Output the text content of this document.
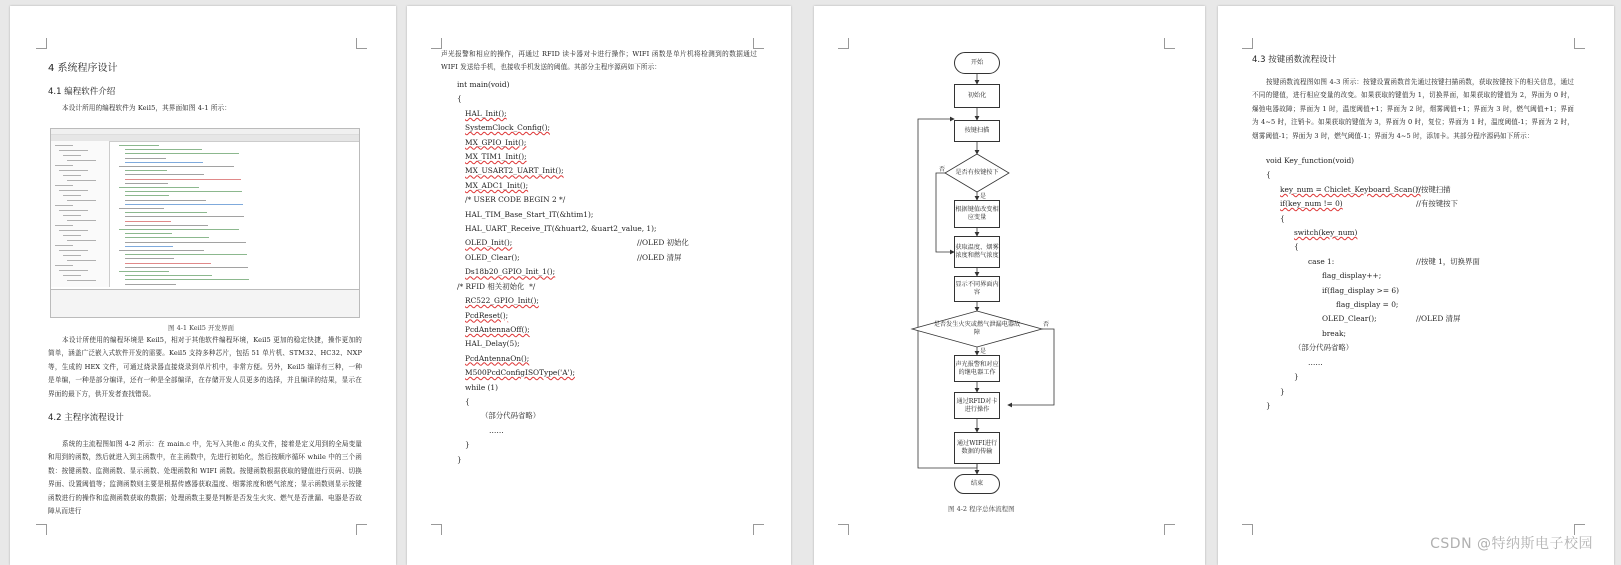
4 系统程序设计
4.1 编程软件介绍
本设计所用的编程软件为 Keil5，其界面如图 4-1 所示：
图 4-1 Keil5 开发界面
本设计所使用的编程环境是 Keil5，相对于其他软件编程环境，Keil5 更加的稳定快捷，操作更加的简单，涵盖广泛嵌入式软件开发的需要。Keil5 支持多种芯片，包括 51 单片机、STM32、HC32、NXP 等，生成的 HEX 文件，可通过烧录器直接烧录到单片机中，非常方便。另外，Keil5 编译有三种，一种是单编，一种是部分编译，还有一种是全部编译，在存储开发人员更多的选择，并且编译的结果，显示在界面的最下方，供开发者查找错误。
4.2 主程序流程设计
系统的主流程图如图 4-2 所示：在 main.c 中，先写入其他.c 的头文件，接着是定义用到的全局变量和用到的函数，然后就进入到主函数中，在主函数中，先进行初始化，然后按顺序循环 while 中的三个函数：按键函数、监测函数、显示函数、处理函数和 WIFI 函数。按键函数根据获取的键值进行页码、切换界面、设置阈值等；监测函数则主要是根据传感器获取温度、烟雾浓度和燃气浓度；显示函数则显示按键函数进行的操作和监测函数获取的数据；处理函数主要是判断是否发生火灾、燃气是否泄漏、电器是否故障从而进行
声光报警和相应的操作，再通过 RFID 读卡器对卡进行操作；WIFI 函数是单片机将检测到的数据通过 WIFI 发送给手机，也接收手机发送的阈值。其部分主程序源码如下所示：
int main(void)
{
HAL_Init();
SystemClock_Config();
MX_GPIO_Init();
MX_TIM1_Init();
MX_USART2_UART_Init();
MX_ADC1_Init();
/* USER CODE BEGIN 2 */
HAL_TIM_Base_Start_IT(&htim1);
HAL_UART_Receive_IT(&huart2, &uart2_value, 1);
OLED_Init();	//OLED 初始化
OLED_Clear();	//OLED 清屏
Ds18b20_GPIO_Init_1();
/* RFID 相关初始化  */
RC522_GPIO_Init();
PcdReset();
PcdAntennaOff();
HAL_Delay(5);
PcdAntennaOn();
M500PcdConfigISOType('A');
while (1)
{
（部分代码省略）
……
}
}
开始
初始化
按键扫描
是否有按键按下
根据键值改变相应变量
获取温度、烟雾浓度和燃气浓度
显示不同界面内容
是否发生火灾或燃气泄漏电器故障
声光报警和对应的继电器工作
通过RFID对卡进行操作
通过WIFI进行数据的传输
结束
否
是
否
是
图 4-2 程序总体流程图
4.3 按键函数流程设计
按键函数流程图如图 4-3 所示：按键设置函数首先通过按键扫描函数，获取按键按下的相关信息，通过不同的键值，进行相应变量的改变。如果获取的键值为 1，切换界面，如果获取的键值为 2，界面为 0 时，爆弛电器故障；界面为 1 时，温度阈值+1；界面为 2 时，烟雾阈值+1；界面为 3 时，燃气阈值+1；界面为 4~5 时，注销卡。如果获取的键值为 3，界面为 0 时，复位；界面为 1 时，温度阈值-1；界面为 2 时，烟雾阈值-1；界面为 3 时，燃气阈值-1；界面为 4~5 时，添加卡。其部分程序源码如下所示：
void Key_function(void)
{
key_num = Chiclet_Keyboard_Scan();
//按键扫描
if(key_num != 0)	//有按键按下
{
switch(key_num)
{
case 1:	//按键 1，切换界面
flag_display++;
if(flag_display >= 6)
flag_display = 0;
OLED_Clear();	//OLED 清屏
break;
（部分代码省略）
……
}
}
}
CSDN @特纳斯电子校园
